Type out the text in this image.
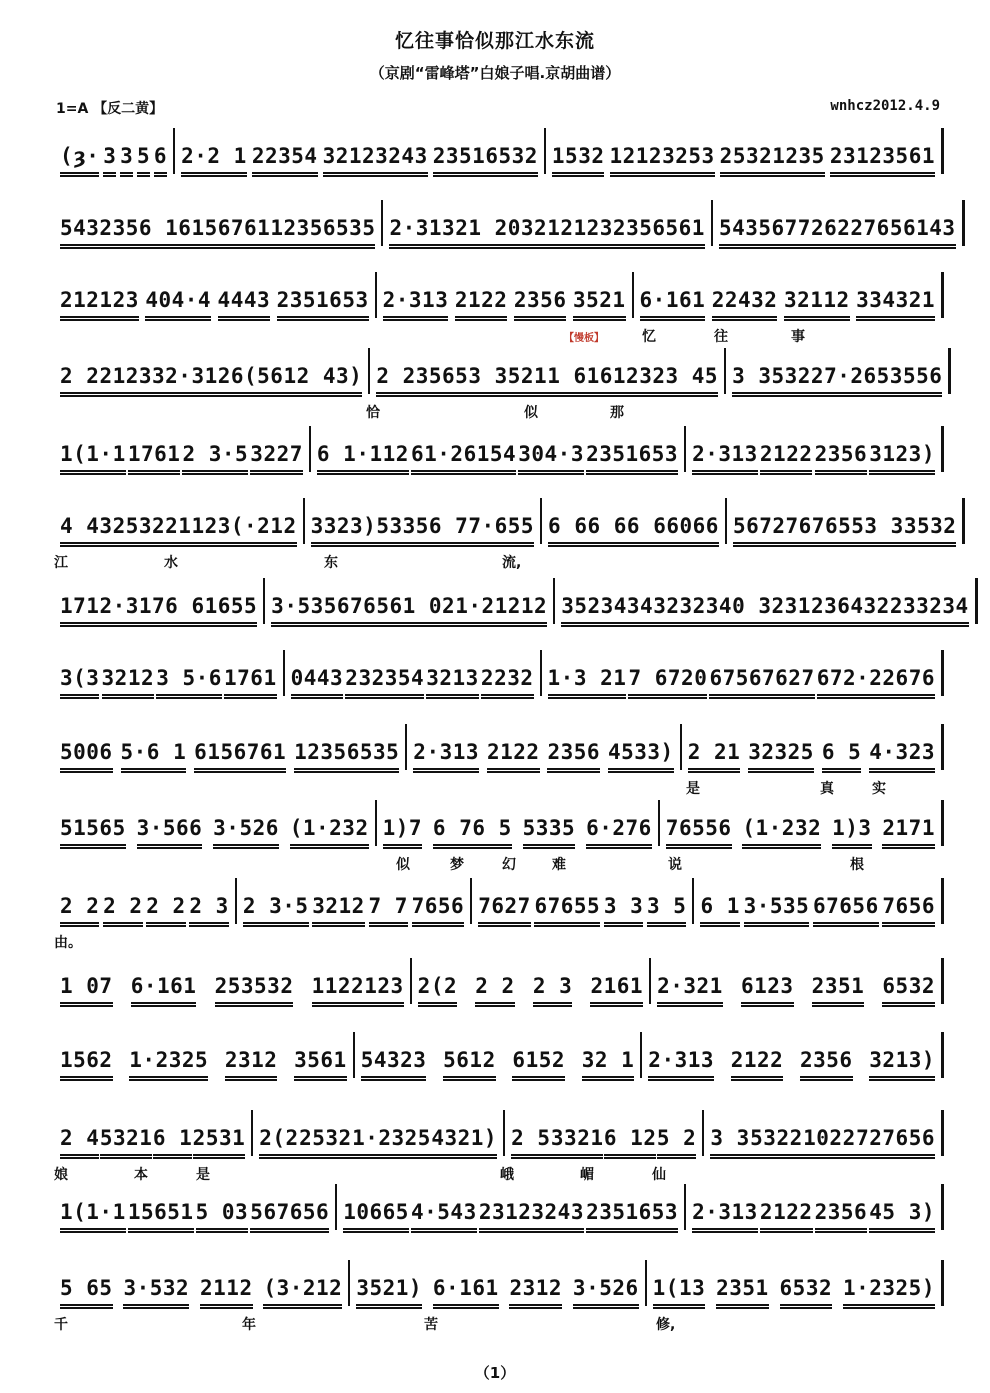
忆往事恰似那江水东流
（京剧“雷峰塔”白娘子唱.京胡曲谱）
1=A 【反二黄】	wnhcz2012.4.9
(ȝ· 3 3 5 6 2·2 1 22354 32123243 23516532 1532 12123253 25321235 23123561
54323 56 1 6156761 12356535 2·313 21 2 0321212 32356561 5435 6772 62276 56143
212123 404·4 4443 2351653 2·313 2122 2356 3521 6·161 22432 32112 334321
【慢板】	忆	往	事
2 2 21233 2·312 6(5612 43) 2 23565 3 3521 1 6161 2323 45 3 3 5322 7·265 3556
恰	似	那
1(1·1 1761 2 3·5 3227 6 1·112 61·26154 304·3 2351653 2·313 2122 2356 3123)
4 43 2532 2112 3(·212 3323) 5335 6 7 7·655 6 6 6 6 6 6 6066 56727 67655 3 3 3532
江	水	东	流,
171 2·317 6 6 1655 3·535 67656 1 02 1·21212 35234343 232340 3 23123643 2233234
3(3 3212 3 5·6 1761 0443 232354 3213 2232 1·3 21 7 6720 67567627 672·22676
5006 5·6 1 6156761 12356535 2·313 2122 2356 4533) 2 21 32325 6 5 4·323
是	真	实
51565 3·566 3·526 (1·232 1)7 6 76 5 5335 6·276 76556 (1·232 1)3 2171
似	梦	幻	难	说	根
2 2 2 2 2 2 2 3 2 3·5 3212 7 7 7656 7627 67655 3 3 3 5 6 1 3·535 67656 7656
由。
1 07 6·161 253532 1122123 2(2 2 2 2 3 2161 2·321 6123 2351 6532
1562 1·2325 2312 3561 54323 5612 6152 32 1 2·313 2122 2356 3213)
2 4 5321 6 1 2531 2(2 2532 1·2325 4321) 2 5 3321 6 12 5 2 3 3 5322 1022 727656
娘	本	是	峨	嵋	仙
1(1·1 15651 5 03 567656 10665 4·543 23123243 2351653 2·313 2122 2356 45 3)
5 65 3·532 2112 (3·212 3521) 6·161 2312 3·526 1(13 2351 6532 1·2325)
千	年	苦	修,
（1）
